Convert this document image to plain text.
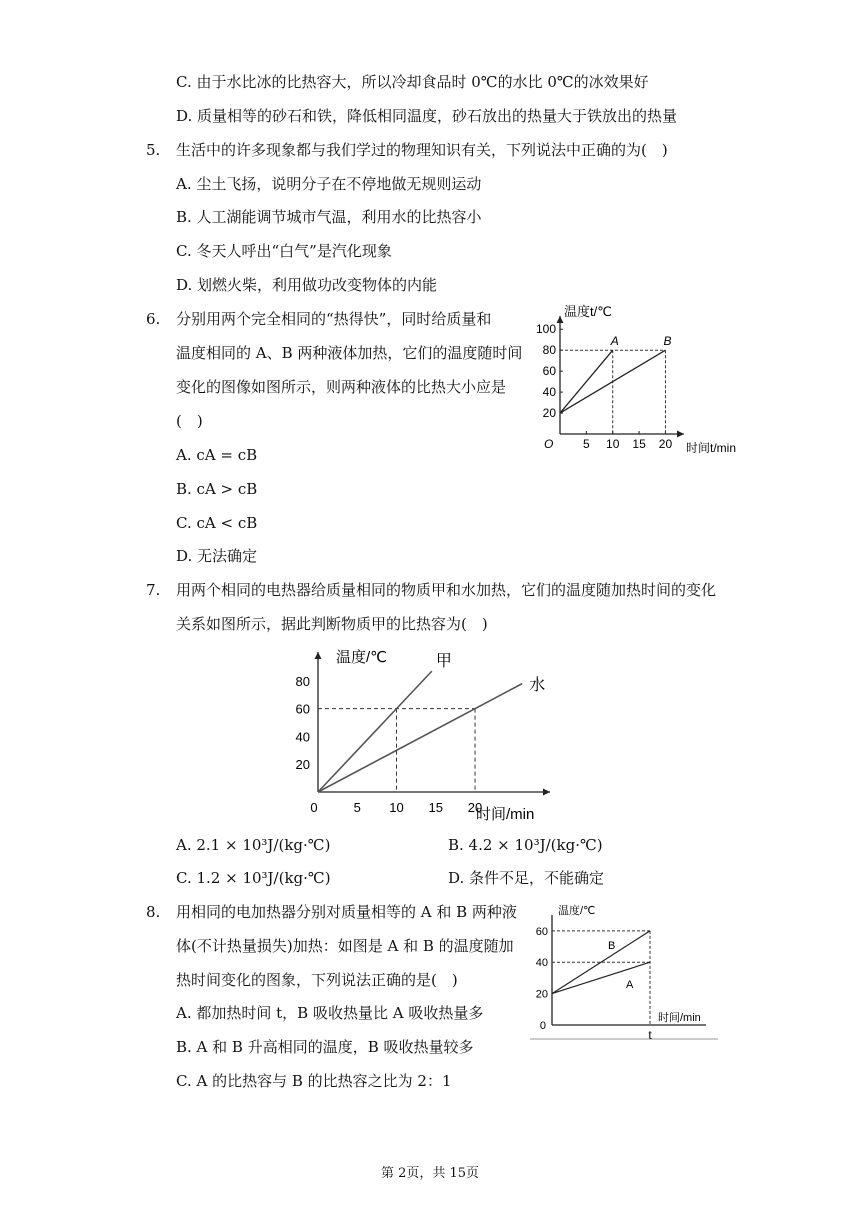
C. 由于水比冰的比热容大，所以冷却食品时 0℃的水比 0℃的冰效果好
D. 质量相等的砂石和铁，降低相同温度，砂石放出的热量大于铁放出的热量
5.	生活中的许多现象都与我们学过的物理知识有关，下列说法中正确的为(　)
A. 尘土飞扬，说明分子在不停地做无规则运动
B. 人工湖能调节城市气温，利用水的比热容小
C. 冬天人呼出“白气”是汽化现象
D. 划燃火柴，利用做功改变物体的内能
6.	分别用两个完全相同的“热得快”，同时给质量和
温度相同的 A、B 两种液体加热，它们的温度随时间
变化的图像如图所示，则两种液体的比热大小应是
(　)
A. cA = cB
B. cA > cB
C. cA < cB
D. 无法确定
温度t/℃
时间t/min
O 5 10 15 20
20
40
60
80
100
A	B
7.	用两个相同的电热器给质量相同的物质甲和水加热，它们的温度随加热时间的变化
关系如图所示，据此判断物质甲的比热容为(　)
温度/℃
时间/min
0	5 10 15 20
20
40
60
80
甲
水
A. 2.1 × 10³J/(kg·℃)	B. 4.2 × 10³J/(kg·℃)
C. 1.2 × 10³J/(kg·℃)	D. 条件不足，不能确定
8.	用相同的电加热器分别对质量相等的 A 和 B 两种液
体(不计热量损失)加热：如图是 A 和 B 的温度随加
热时间变化的图象，下列说法正确的是(　)
A. 都加热时间 t，B 吸收热量比 A 吸收热量多
B. A 和 B 升高相同的温度，B 吸收热量较多
C. A 的比热容与 B 的比热容之比为 2：1
温度/℃
时间/min
0
t
20
40
60
B
A
第 2页，共 15页
